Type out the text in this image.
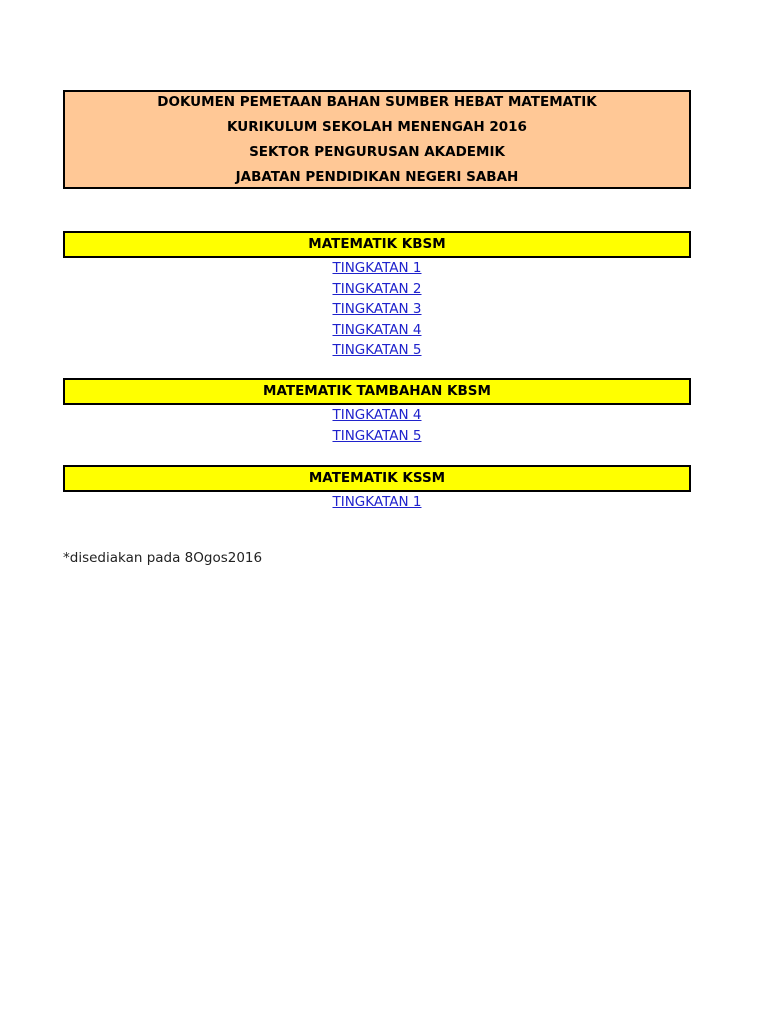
DOKUMEN PEMETAAN BAHAN SUMBER HEBAT MATEMATIK
KURIKULUM SEKOLAH MENENGAH 2016
SEKTOR PENGURUSAN AKADEMIK
JABATAN PENDIDIKAN NEGERI SABAH
MATEMATIK KBSM
TINGKATAN 1
TINGKATAN 2
TINGKATAN 3
TINGKATAN 4
TINGKATAN 5
MATEMATIK TAMBAHAN KBSM
TINGKATAN 4
TINGKATAN 5
MATEMATIK KSSM
TINGKATAN 1
*disediakan pada 8Ogos2016
